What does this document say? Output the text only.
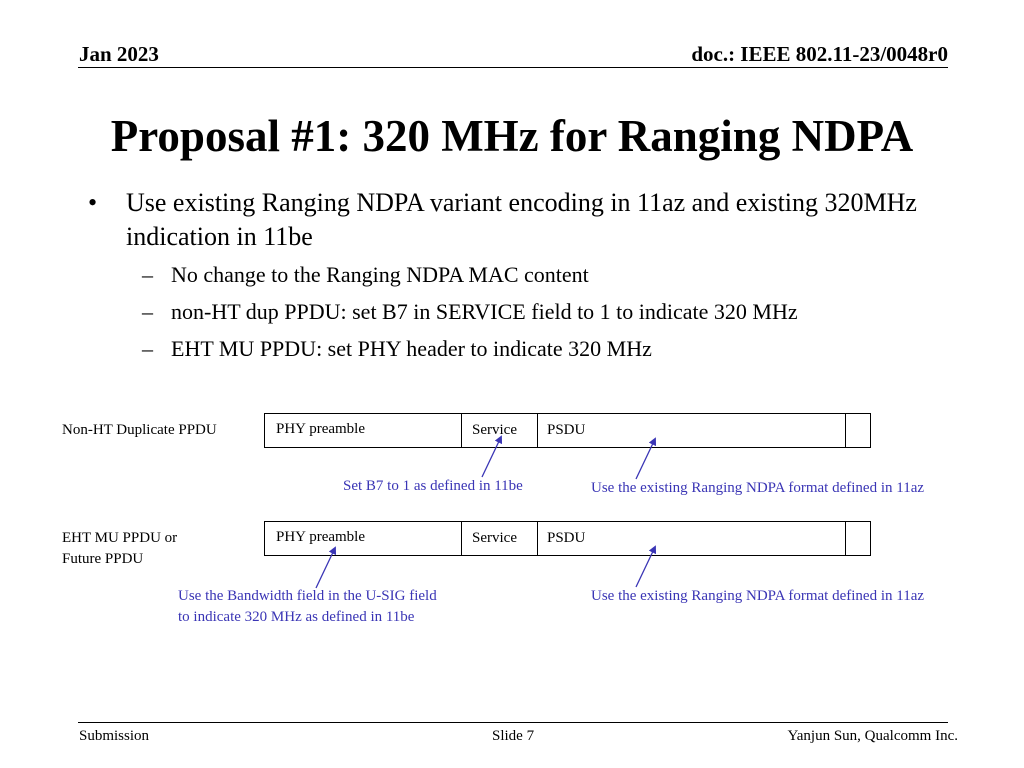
Jan 2023	doc.: IEEE 802.11-23/0048r0
Proposal #1: 320 MHz for Ranging NDPA
• Use existing Ranging NDPA variant encoding in 11az and existing 320MHz indication in 11be
– No change to the Ranging NDPA MAC content
– non-HT dup PPDU: set B7 in SERVICE field to 1 to indicate 320 MHz
– EHT MU PPDU: set PHY header to indicate 320 MHz
Non-HT Duplicate PPDU	PHY preamble	Service PSDU
EHT MU PPDU or
Future PPDU
PHY preamble	Service PSDU
Set B7 to 1 as defined in 11be	Use the existing Ranging NDPA format defined in 11az
Use the Bandwidth field in the U-SIG field
to indicate 320 MHz as defined in 11be
Use the existing Ranging NDPA format defined in 11az
Submission	Slide 7	Yanjun Sun, Qualcomm Inc.
